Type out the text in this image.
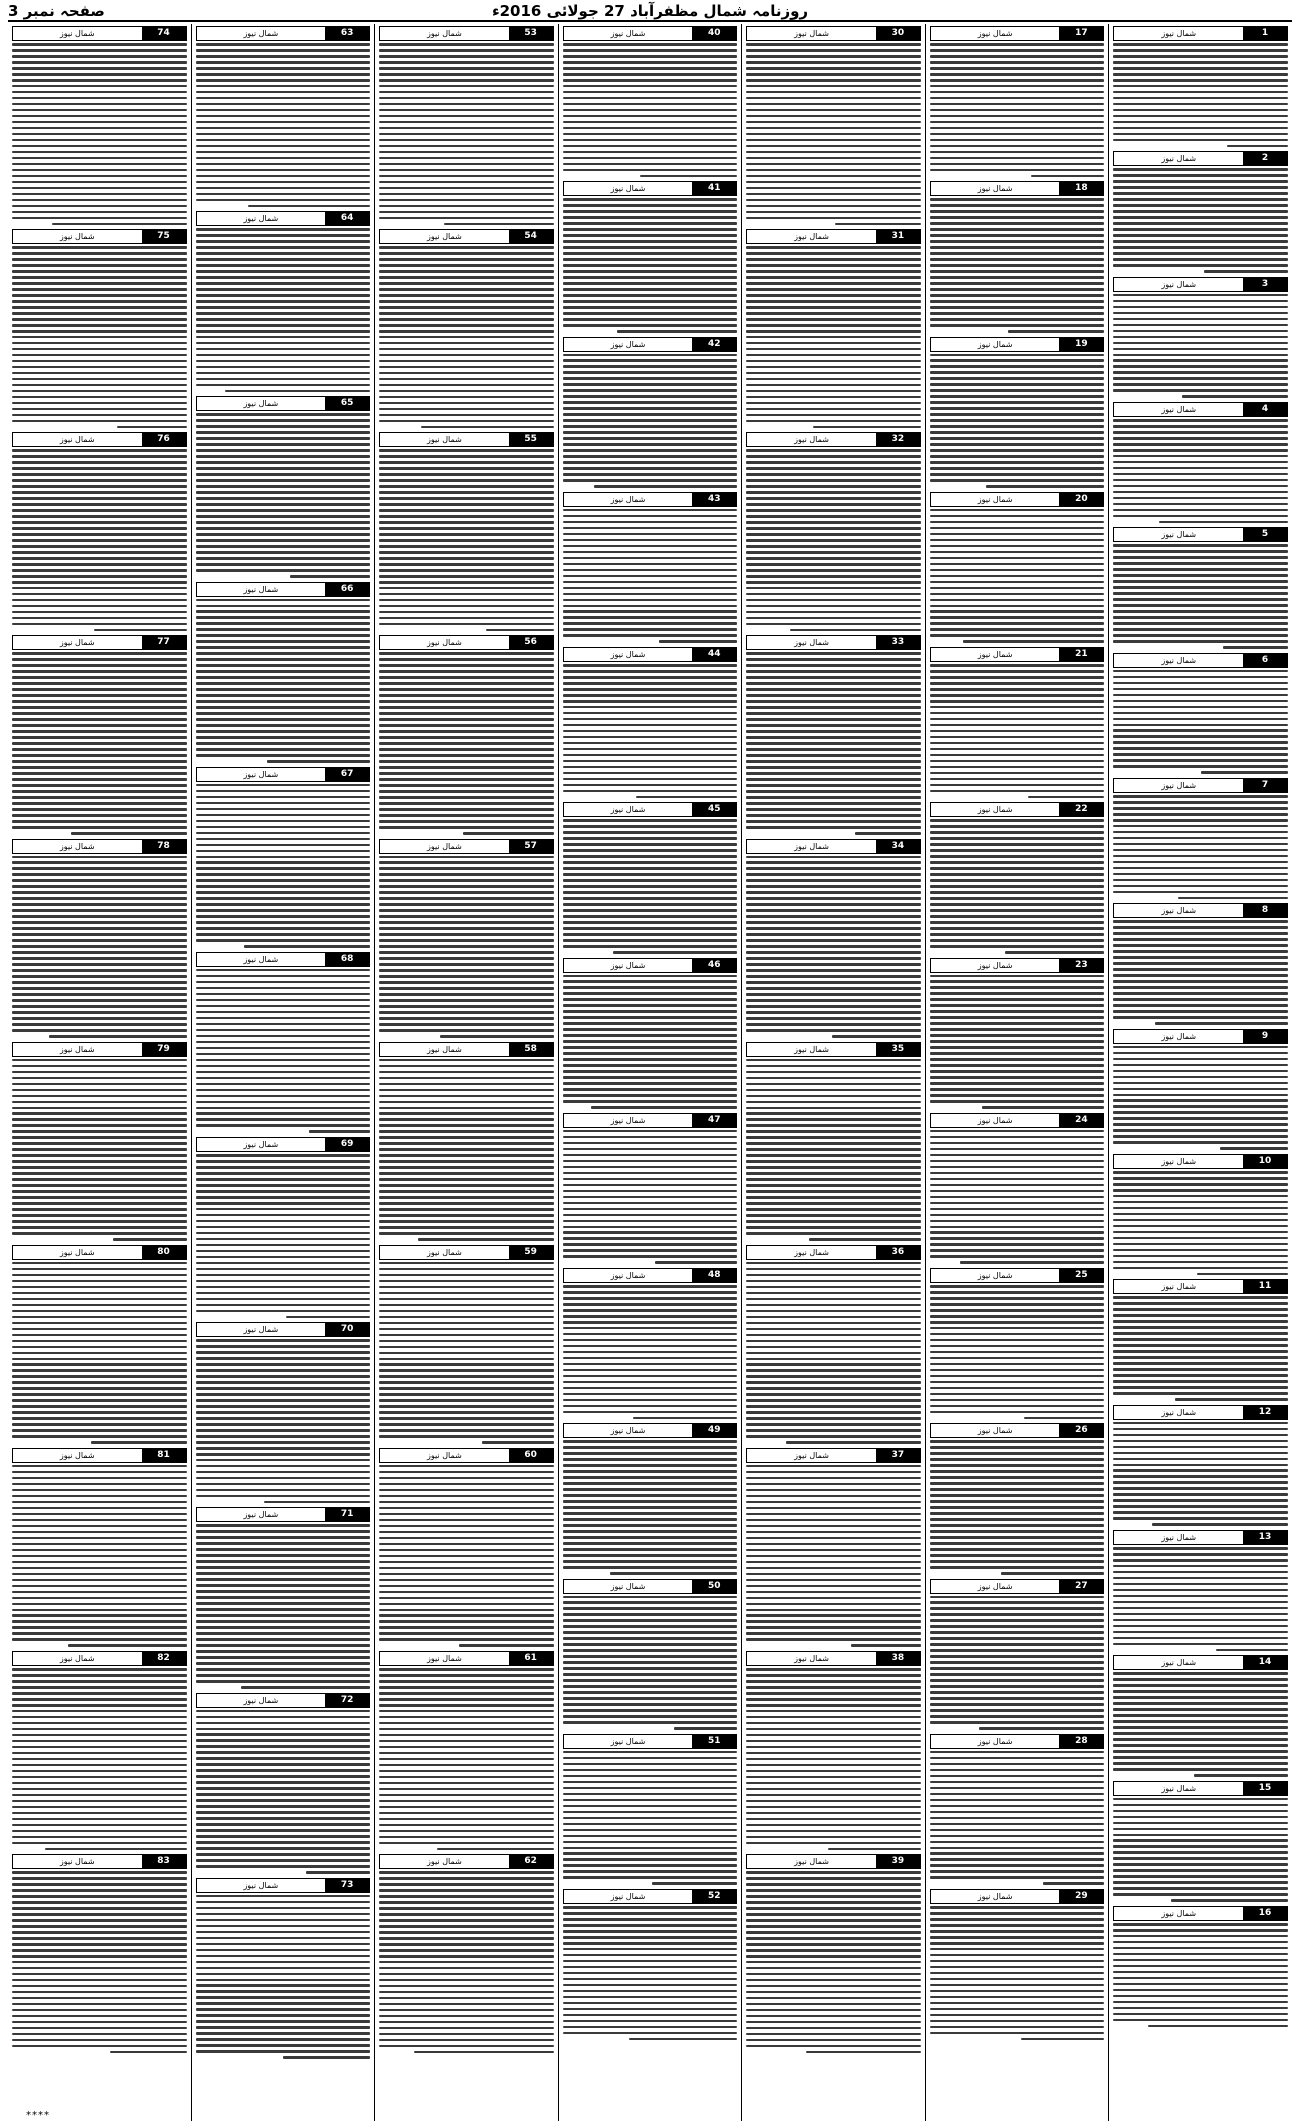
روزنامہ شمال مظفرآباد 27 جولائی 2016ء
صفحہ نمبر 3
1
شمال نیوز
2
شمال نیوز
3
شمال نیوز
4
شمال نیوز
5
شمال نیوز
6
شمال نیوز
7
شمال نیوز
8
شمال نیوز
9
شمال نیوز
10
شمال نیوز
11
شمال نیوز
12
شمال نیوز
13
شمال نیوز
14
شمال نیوز
15
شمال نیوز
16
شمال نیوز
17
شمال نیوز
18
شمال نیوز
19
شمال نیوز
20
شمال نیوز
21
شمال نیوز
22
شمال نیوز
23
شمال نیوز
24
شمال نیوز
25
شمال نیوز
26
شمال نیوز
27
شمال نیوز
28
شمال نیوز
29
شمال نیوز
30
شمال نیوز
31
شمال نیوز
32
شمال نیوز
33
شمال نیوز
34
شمال نیوز
35
شمال نیوز
36
شمال نیوز
37
شمال نیوز
38
شمال نیوز
39
شمال نیوز
40
شمال نیوز
41
شمال نیوز
42
شمال نیوز
43
شمال نیوز
44
شمال نیوز
45
شمال نیوز
46
شمال نیوز
47
شمال نیوز
48
شمال نیوز
49
شمال نیوز
50
شمال نیوز
51
شمال نیوز
52
شمال نیوز
53
شمال نیوز
54
شمال نیوز
55
شمال نیوز
56
شمال نیوز
57
شمال نیوز
58
شمال نیوز
59
شمال نیوز
60
شمال نیوز
61
شمال نیوز
62
شمال نیوز
63
شمال نیوز
64
شمال نیوز
65
شمال نیوز
66
شمال نیوز
67
شمال نیوز
68
شمال نیوز
69
شمال نیوز
70
شمال نیوز
71
شمال نیوز
72
شمال نیوز
73
شمال نیوز
74
شمال نیوز
75
شمال نیوز
76
شمال نیوز
77
شمال نیوز
78
شمال نیوز
79
شمال نیوز
80
شمال نیوز
81
شمال نیوز
82
شمال نیوز
83
شمال نیوز
****
